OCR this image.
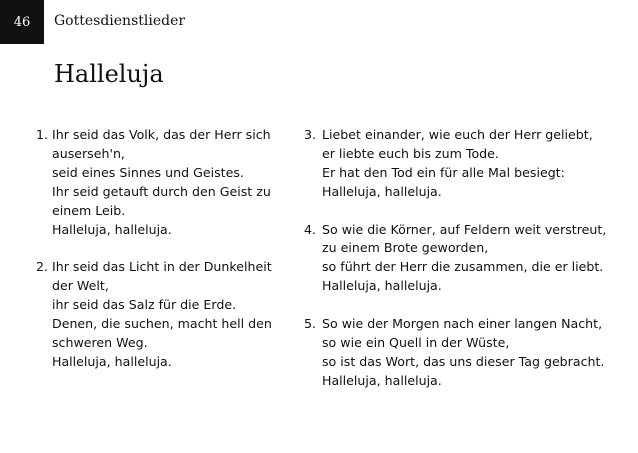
46 Gottesdienstlieder
Halleluja
1. Ihr seid das Volk, das der Herr sich
auserseh'n,
seid eines Sinnes und Geistes.
Ihr seid getauft durch den Geist zu
einem Leib.
Halleluja, halleluja.
2. Ihr seid das Licht in der Dunkelheit
der Welt,
ihr seid das Salz für die Erde.
Denen, die suchen, macht hell den
schweren Weg.
Halleluja, halleluja.
3. Liebet einander, wie euch der Herr geliebt,
er liebte euch bis zum Tode.
Er hat den Tod ein für alle Mal besiegt:
Halleluja, halleluja.
4. So wie die Körner, auf Feldern weit verstreut,
zu einem Brote geworden,
so führt der Herr die zusammen, die er liebt.
Halleluja, halleluja.
5. So wie der Morgen nach einer langen Nacht,
so wie ein Quell in der Wüste,
so ist das Wort, das uns dieser Tag gebracht.
Halleluja, halleluja.
